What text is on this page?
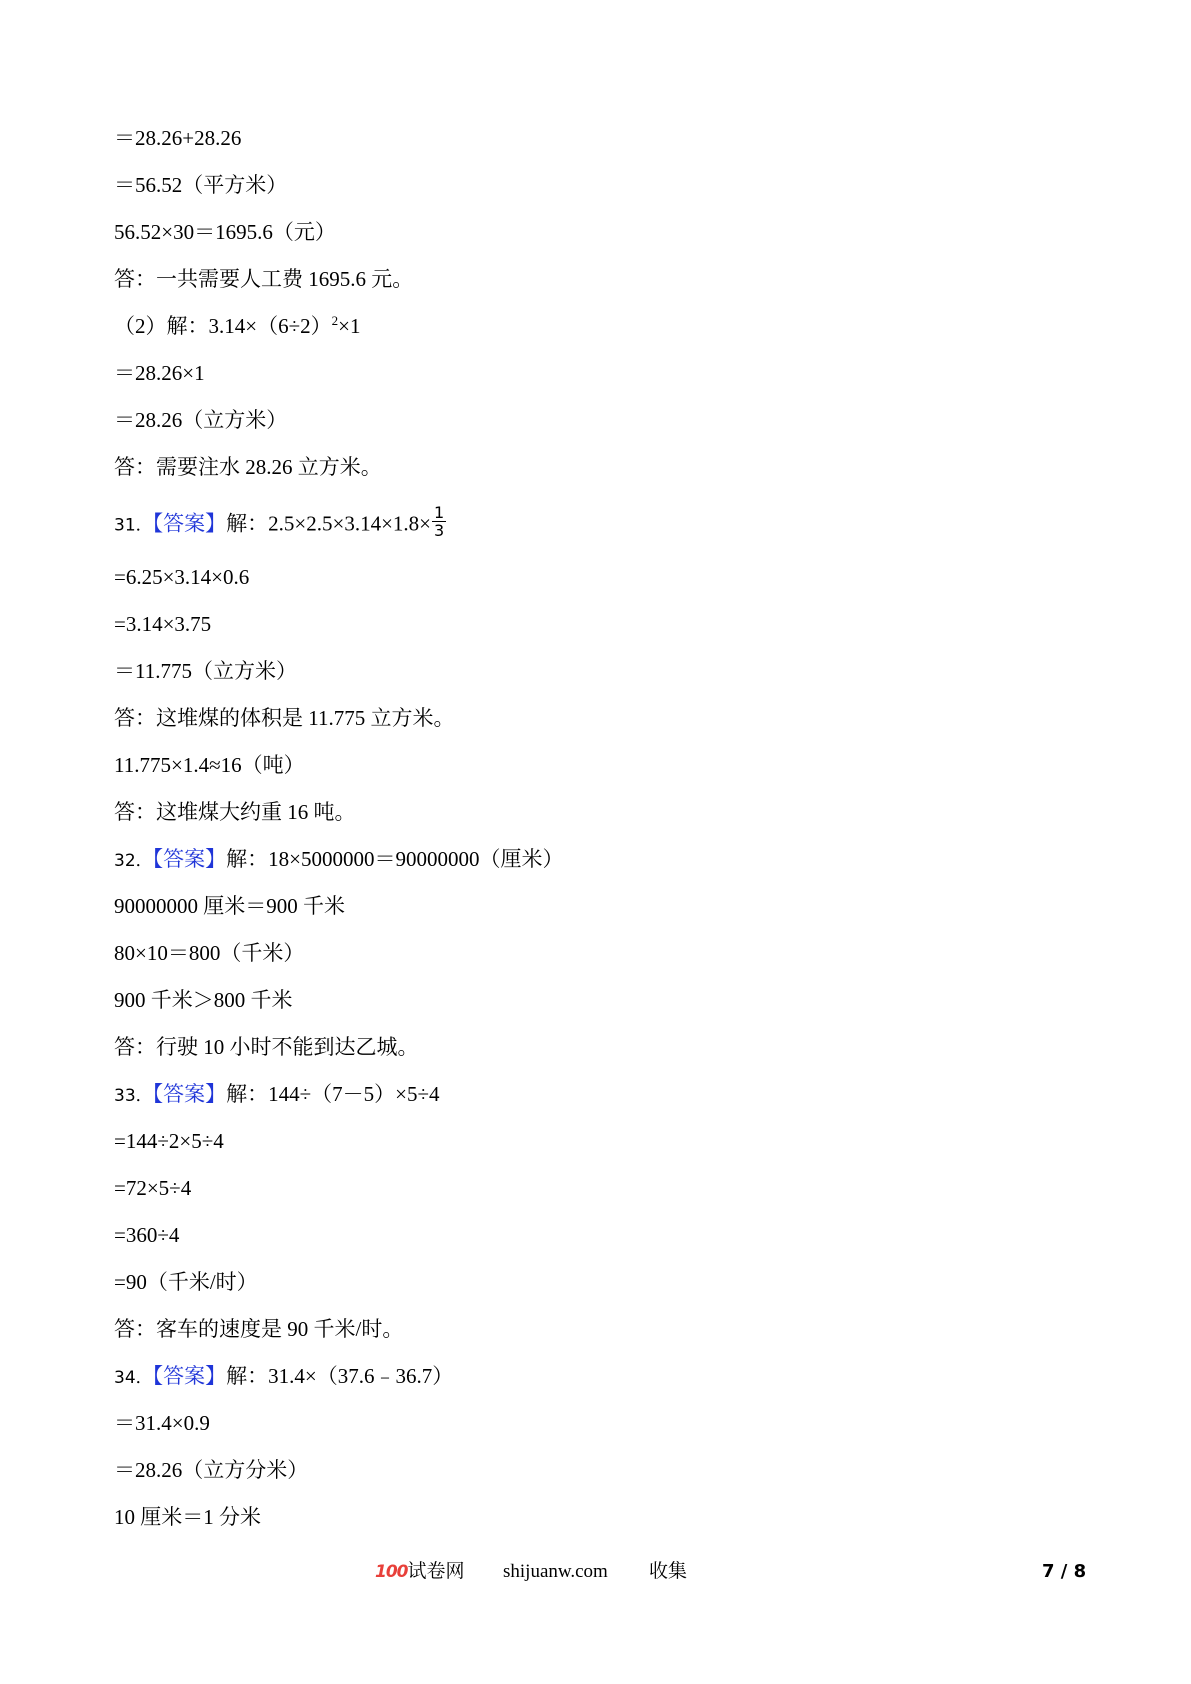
＝28.26+28.26
＝56.52（平方米）
56.52×30＝1695.6（元）
答：一共需要人工费 1695.6 元。
（2）解：$3.14\times(6\div 2)^2\times 1$
＝28.26×1
＝28.26（立方米）
答：需要注水 28.26 立方米。
31．【答案】解：$2.5\times 2.5\times 3.14\times 1.8\times \frac{1}{3}$
=6.25×3.14×0.6
=3.14×3.75
＝11.775（立方米）
答：这堆煤的体积是 11.775 立方米。
11.775×1.4≈16（吨）
答：这堆煤大约重 16 吨。
32．【答案】解：18×5000000＝90000000（厘米）
90000000 厘米＝900 千米
80×10＝800（千米）
900 千米＞800 千米
答：行驶 10 小时不能到达乙城。
33．【答案】解：144÷（7－5）×5÷4
=144÷2×5÷4
=72×5÷4
=360÷4
=90（千米/时）
答：客车的速度是 90 千米/时。
34．【答案】解：31.4×（37.6﹣36.7）
＝31.4×0.9
＝28.26（立方分米）
10 厘米＝1 分米
100试卷网 shijuanw.com 收集	7 / 8
